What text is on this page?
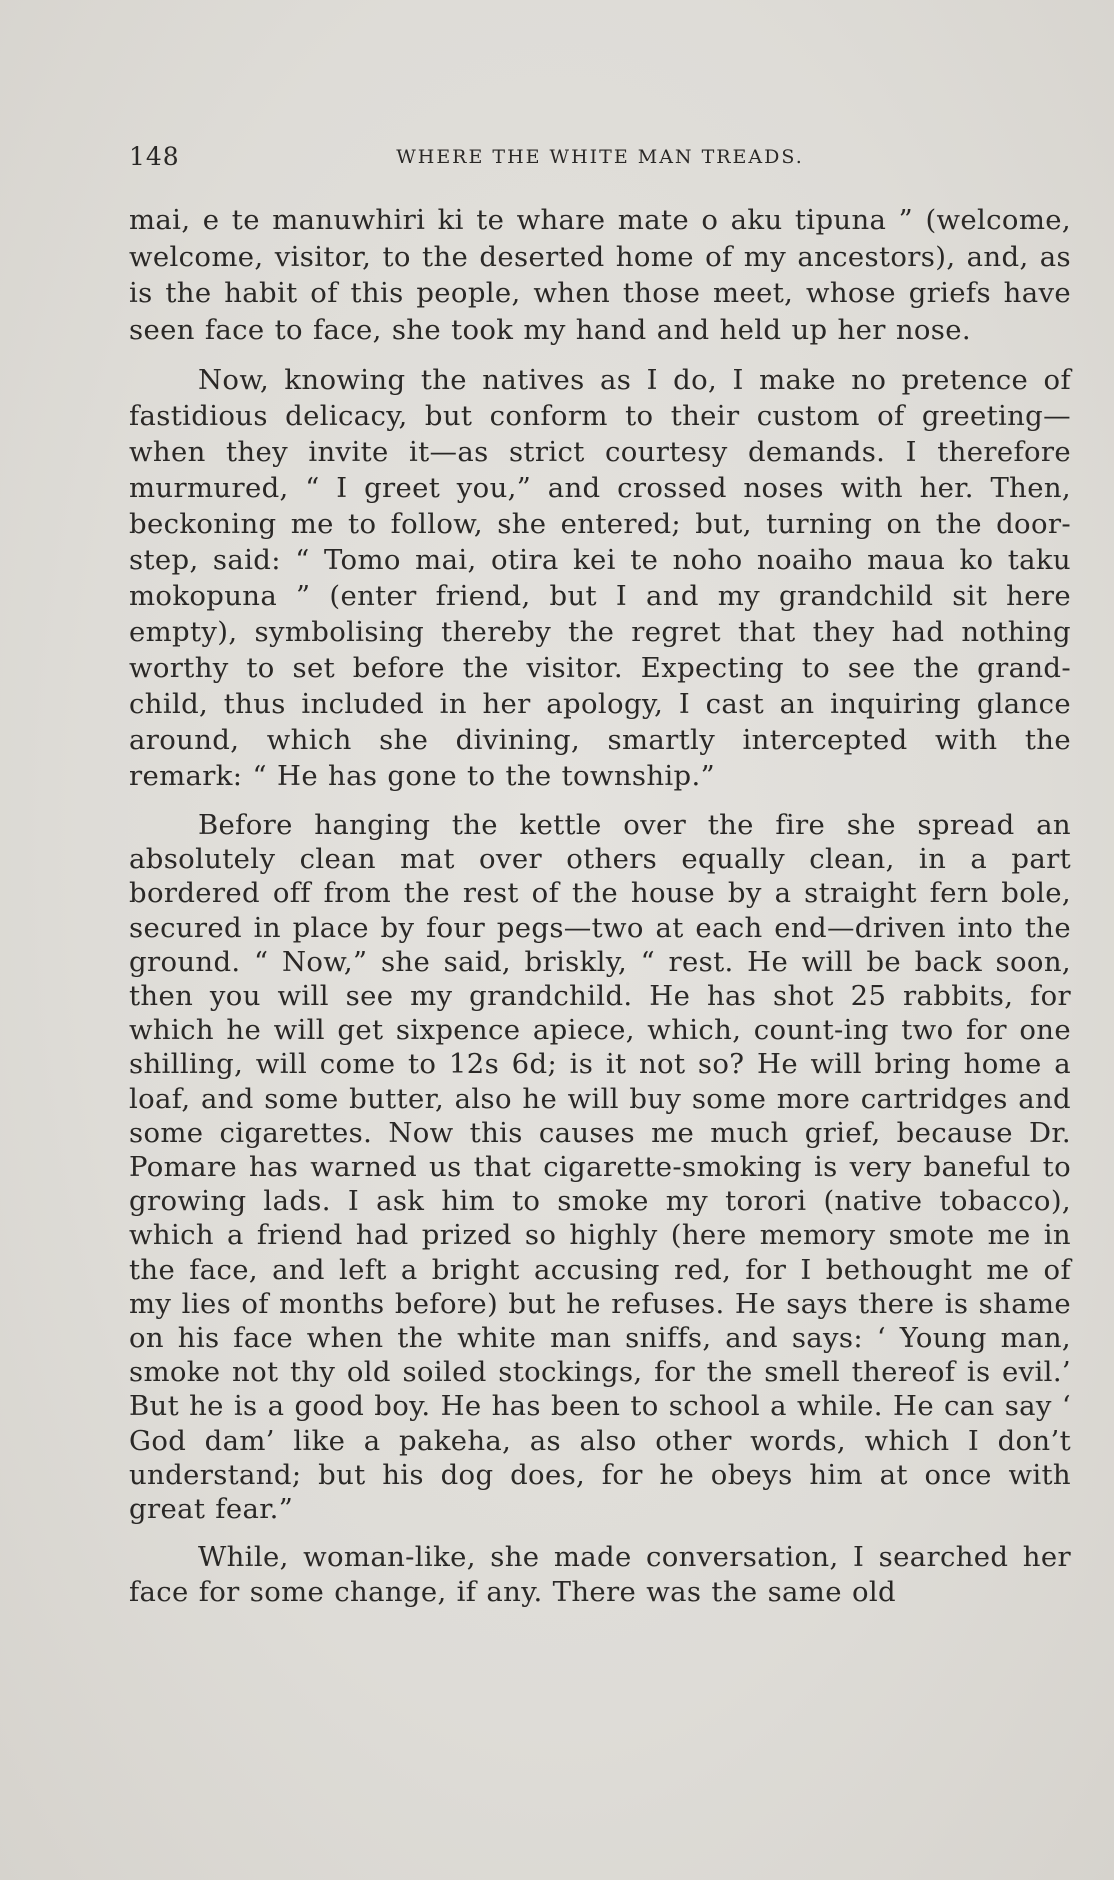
148	WHERE THE WHITE MAN TREADS.

mai, e te manuwhiri ki te whare mate o aku tipuna ” (welcome, welcome, visitor, to the deserted home of my ancestors), and, as is the habit of this people, when those meet, whose griefs have seen face to face, she took my hand and held up her nose.

Now, knowing the natives as I do, I make no pretence of fastidious delicacy, but conform to their custom of greeting— when they invite it—as strict courtesy demands. I therefore murmured, “ I greet you,” and crossed noses with her. Then, beckoning me to follow, she entered; but, turning on the door-step, said: “ Tomo mai, otira kei te noho noaiho maua ko taku mokopuna ” (enter friend, but I and my grandchild sit here empty), symbolising thereby the regret that they had nothing worthy to set before the visitor. Expecting to see the grand-child, thus included in her apology, I cast an inquiring glance around, which she divining, smartly intercepted with the remark: “ He has gone to the township.”

Before hanging the kettle over the fire she spread an absolutely clean mat over others equally clean, in a part bordered off from the rest of the house by a straight fern bole, secured in place by four pegs—two at each end—driven into the ground. “ Now,” she said, briskly, “ rest. He will be back soon, then you will see my grandchild. He has shot 25 rabbits, for which he will get sixpence apiece, which, count-ing two for one shilling, will come to 12s 6d; is it not so? He will bring home a loaf, and some butter, also he will buy some more cartridges and some cigarettes. Now this causes me much grief, because Dr. Pomare has warned us that cigarette-smoking is very baneful to growing lads. I ask him to smoke my torori (native tobacco), which a friend had prized so highly (here memory smote me in the face, and left a bright accusing red, for I bethought me of my lies of months before) but he refuses. He says there is shame on his face when the white man sniffs, and says: ‘ Young man, smoke not thy old soiled stockings, for the smell thereof is evil.’ But he is a good boy. He has been to school a while. He can say ‘ God dam’ like a pakeha, as also other words, which I don’t understand; but his dog does, for he obeys him at once with great fear.”

While, woman-like, she made conversation, I searched her face for some change, if any. There was the same old
